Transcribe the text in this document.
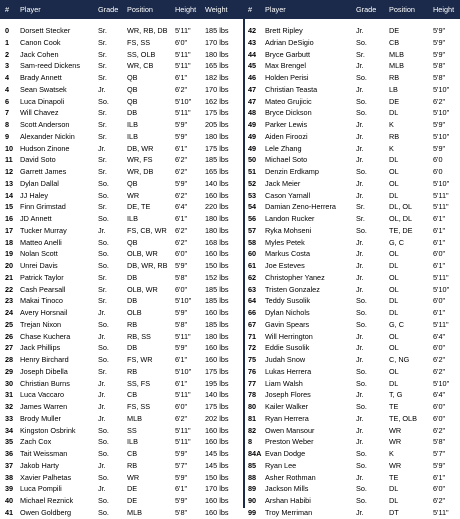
# Player	Grade Position	Height Weight
0 Dorsett Stecker	Sr.	WR, RB, DB 5'11" 185 lbs
1 Canon Cook	Sr.	FS, SS	6'0" 170 lbs
2 Jack Cohen	Sr.	SS, OLB	5'11" 180 lbs
3 Sam-reed Dickens Sr.	WR, CB	5'11" 165 lbs
4 Brady Annett	Sr.	QB	6'1" 182 lbs
4 Sean Swatsek	Jr.	QB	6'2" 170 lbs
6 Luca Dinapoli	So. QB	5'10" 162 lbs
7 Will Chavez	Sr.	DB	5'11" 175 lbs
8 Scott Anderson	Sr.	ILB	5'9" 205 lbs
9 Alexander Nickin	Sr.	ILB	5'9" 180 lbs
10 Hudson Zinone	Jr.	DB, WR	6'1" 175 lbs
11 David Soto	Sr.	WR, FS	6'2" 185 lbs
12 Garrett James	Sr.	WR, DB	6'2" 165 lbs
13 Dylan Dallal	So. QB	5'9" 140 lbs
14 JJ Haley	So. WR	6'2" 160 lbs
15 Finn Grimstad	Sr.	DE, TE	6'4" 220 lbs
16 JD Annett	So. ILB	6'1" 180 lbs
17 Tucker Murray	Jr.	FS, CB, WR 6'2" 180 lbs
18 Matteo Anelli	So. QB	6'2" 168 lbs
19 Nolan Scott	So. OLB, WR 6'0" 160 lbs
20 Unrei Davis	So. DB, WR, RB 5'9" 150 lbs
21 Patrick Taylor	Sr.	DB	5'8" 152 lbs
22 Cash Pearsall	Sr.	OLB, WR 6'0" 185 lbs
23 Makai Tinoco	Sr.	DB	5'10" 185 lbs
24 Avery Horsnail	Jr.	OLB	5'9" 160 lbs
25 Trejan Nixon	So. RB	5'8" 185 lbs
26 Chase Kuchera	Jr.	RB, SS	5'11" 180 lbs
27 Jack Phillips	So. DB	5'9" 160 lbs
28 Henry Birchard	So. FS, WR	6'1" 160 lbs
29 Joseph Dibella	Sr.	RB	5'10" 175 lbs
30 Christian Burns	Jr.	SS, FS	6'1" 195 lbs
31 Luca Vaccaro	Jr.	CB	5'11" 140 lbs
32 James Warren	Jr.	FS, SS	6'0" 175 lbs
33 Brody Muller	Jr.	MLB	6'2" 202 lbs
34 Kingston Osbrink	So. SS	5'11" 160 lbs
35 Zach Cox	So. ILB	5'11" 160 lbs
36 Tait Weissman	So. CB	5'9" 145 lbs
37 Jakob Harty	Jr.	RB	5'7" 145 lbs
38 Xavier Palhetas	So. WR	5'9" 150 lbs
39 Luca Pompili	Jr.	DE	6'1" 170 lbs
40 Michael Reznick	So. DE	5'9" 160 lbs
41 Owen Goldberg	So. MLB	5'8" 160 lbs
# Player	Grade Position Height
42 Brett Ripley	Jr.	DE	5'9"
43 Adrian DeSigio	So.	CB	5'9"
44 Bryce Garbutt	Sr.	MLB	5'9"
45 Max Brengel	Jr.	MLB	5'8"
46 Holden Perisi	So.	RB	5'8"
47 Christian Teasta	Jr.	LB	5'10"
47 Mateo Grujicic	So.	DE	6'2"
48 Bryce Dickson	So.	DL	5'10"
49 Parker Lewis	Jr.	K	5'9"
49 Aiden Firoozi	Jr.	RB	5'10"
49 Lele Zhang	Jr.	K	5'9"
50 Michael Soto	Jr.	DL	6'0
51 Denzin Erdkamp	So.	OL	6'0
52 Jack Meier	Jr.	OL	5'10"
53 Cason Yarnall	Jr.	DL	5'11"
54 Damian Zeno-Herrera	Sr.	DL, OL	5'11"
56 Landon Rucker	Sr.	OL, DL	6'1"
57 Ryka Mohseni	So.	TE, DE	6'1"
58 Myles Petek	Jr.	G, C	6'1"
60 Markus Costa	Jr.	OL	6'0"
61 Joe Esteves	Jr.	DL	6'1"
62 Christopher Yanez	Jr.	OL	5'11"
63 Tristen Gonzalez	Jr.	OL	5'10"
64 Teddy Susolik	So.	DL	6'0"
66 Dylan Nichols	So.	DL	6'1"
67 Gavin Spears	So.	G, C	5'11"
71 Will Herrington	Jr.	OL	6'4"
72 Eddie Susolik	Jr.	OL	6'0"
75 Judah Snow	Jr.	C, NG	6'2"
76 Lukas Herrera	So.	OL	6'2"
77 Liam Walsh	So.	DL	5'10"
78 Joseph Flores	Jr.	T, G	6'4"
80 Kailer Walker	So.	TE	6'0"
81 Ryan Herrera	Jr.	TE, OLB 6'0"
82 Owen Mansour	Jr.	WR	6'2"
8 Preston Weber	Jr.	WR	5'8"
84A Evan Dodge	So.	K	5'7"
85 Ryan Lee	So.	WR	5'9"
88 Asher Rothman	Jr.	TE	6'1"
89 Jackson Mills	So.	DL	6'0"
90 Arshan Habibi	So.	DL	6'2"
99 Troy Merriman	Jr.	DT	5'11"
